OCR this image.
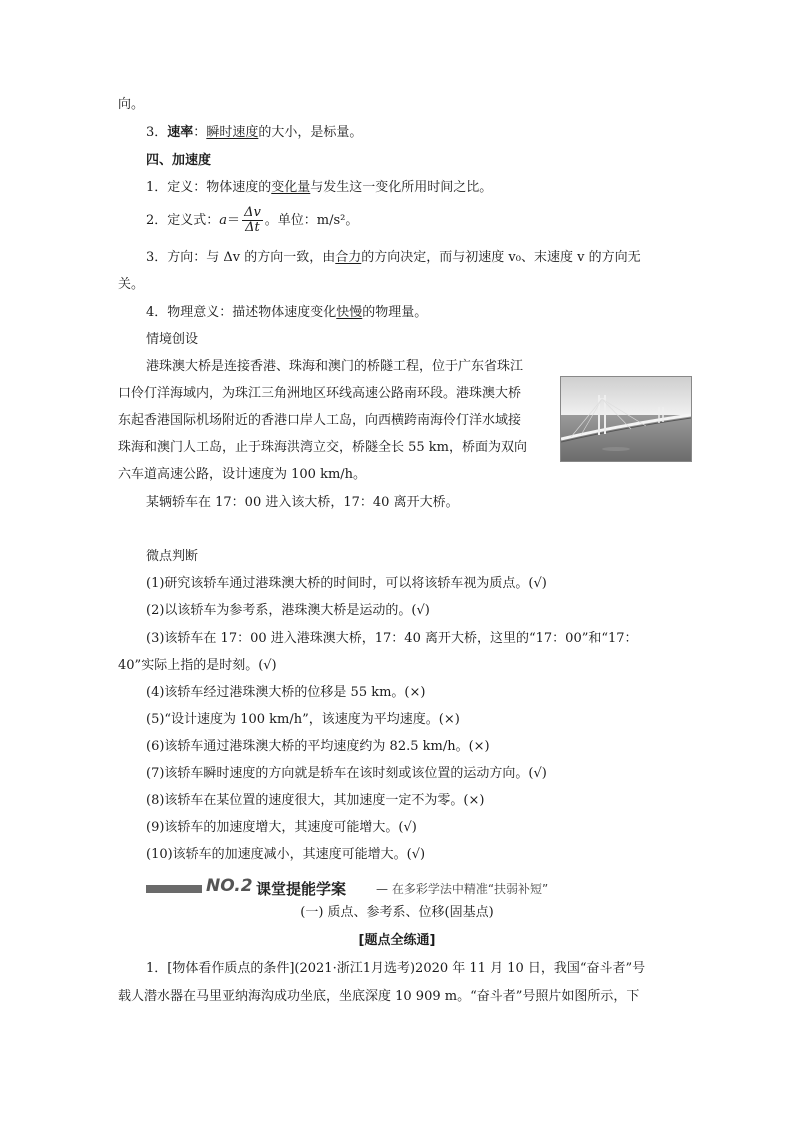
向。
3．速率：瞬时速度的大小，是标量。
四、加速度
1．定义：物体速度的变化量与发生这一变化所用时间之比。
2．定义式：$a= \frac{\Delta v}{\Delta t}$ 。单位：m/s²。
3．方向：与 Δv 的方向一致，由合力的方向决定，而与初速度 v₀、末速度 v 的方向无
关。
4．物理意义：描述物体速度变化快慢的物理量。
情境创设
港珠澳大桥是连接香港、珠海和澳门的桥隧工程，位于广东省珠江
口伶仃洋海域内，为珠江三角洲地区环线高速公路南环段。港珠澳大桥
东起香港国际机场附近的香港口岸人工岛，向西横跨南海伶仃洋水域接
珠海和澳门人工岛，止于珠海洪湾立交，桥隧全长 55 km，桥面为双向
六车道高速公路，设计速度为 100 km/h。
某辆轿车在 17：00 进入该大桥，17：40 离开大桥。
微点判断
(1)研究该轿车通过港珠澳大桥的时间时，可以将该轿车视为质点。(√)
(2)以该轿车为参考系，港珠澳大桥是运动的。(√)
(3)该轿车在 17：00 进入港珠澳大桥，17：40 离开大桥，这里的“17：00”和“17：
40”实际上指的是时刻。(√)
(4)该轿车经过港珠澳大桥的位移是 55 km。(×)
(5)“设计速度为 100 km/h”，该速度为平均速度。(×)
(6)该轿车通过港珠澳大桥的平均速度约为 82.5 km/h。(×)
(7)该轿车瞬时速度的方向就是轿车在该时刻或该位置的运动方向。(√)
(8)该轿车在某位置的速度很大，其加速度一定不为零。(×)
(9)该轿车的加速度增大，其速度可能增大。(√)
(10)该轿车的加速度减小，其速度可能增大。(√)
NO.2 课堂提能学案 — 在多彩学法中精准“扶弱补短”
(一) 质点、参考系、位移(固基点)
[题点全练通]
1．[物体看作质点的条件](2021·浙江1月选考)2020 年 11 月 10 日，我国“奋斗者”号
载人潜水器在马里亚纳海沟成功坐底，坐底深度 10 909 m。“奋斗者”号照片如图所示，下
